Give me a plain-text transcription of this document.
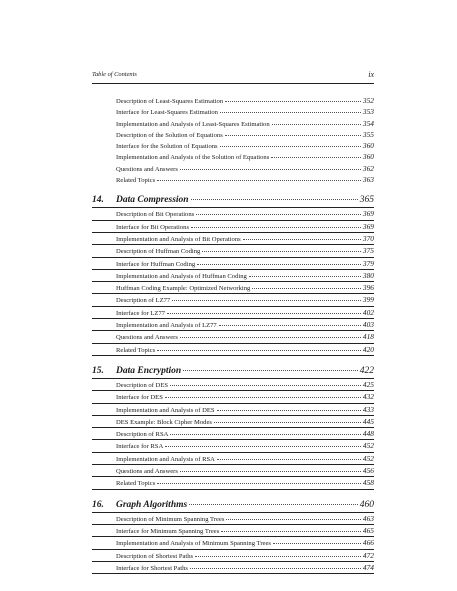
Table of Contents	ix
Description of Least-Squares Estimation	352
Interface for Least-Squares Estimation	353
Implementation and Analysis of Least-Squares Estimation	354
Description of the Solution of Equations	355
Interface for the Solution of Equations	360
Implementation and Analysis of the Solution of Equations	360
Questions and Answers	362
Related Topics	363
14.	Data Compression	365
Description of Bit Operations	369
Interface for Bit Operations	369
Implementation and Analysis of Bit Operations	370
Description of Huffman Coding	375
Interface for Huffman Coding	379
Implementation and Analysis of Huffman Coding	380
Huffman Coding Example: Optimized Networking	396
Description of LZ77	399
Interface for LZ77	402
Implementation and Analysis of LZ77	403
Questions and Answers	418
Related Topics	420
15.	Data Encryption	422
Description of DES	425
Interface for DES	432
Implementation and Analysis of DES	433
DES Example: Block Cipher Modes	445
Description of RSA	448
Interface for RSA	452
Implementation and Analysis of RSA	452
Questions and Answers	456
Related Topics	458
16.	Graph Algorithms	460
Description of Minimum Spanning Trees	463
Interface for Minimum Spanning Trees	465
Implementation and Analysis of Minimum Spanning Trees	466
Description of Shortest Paths	472
Interface for Shortest Paths	474
